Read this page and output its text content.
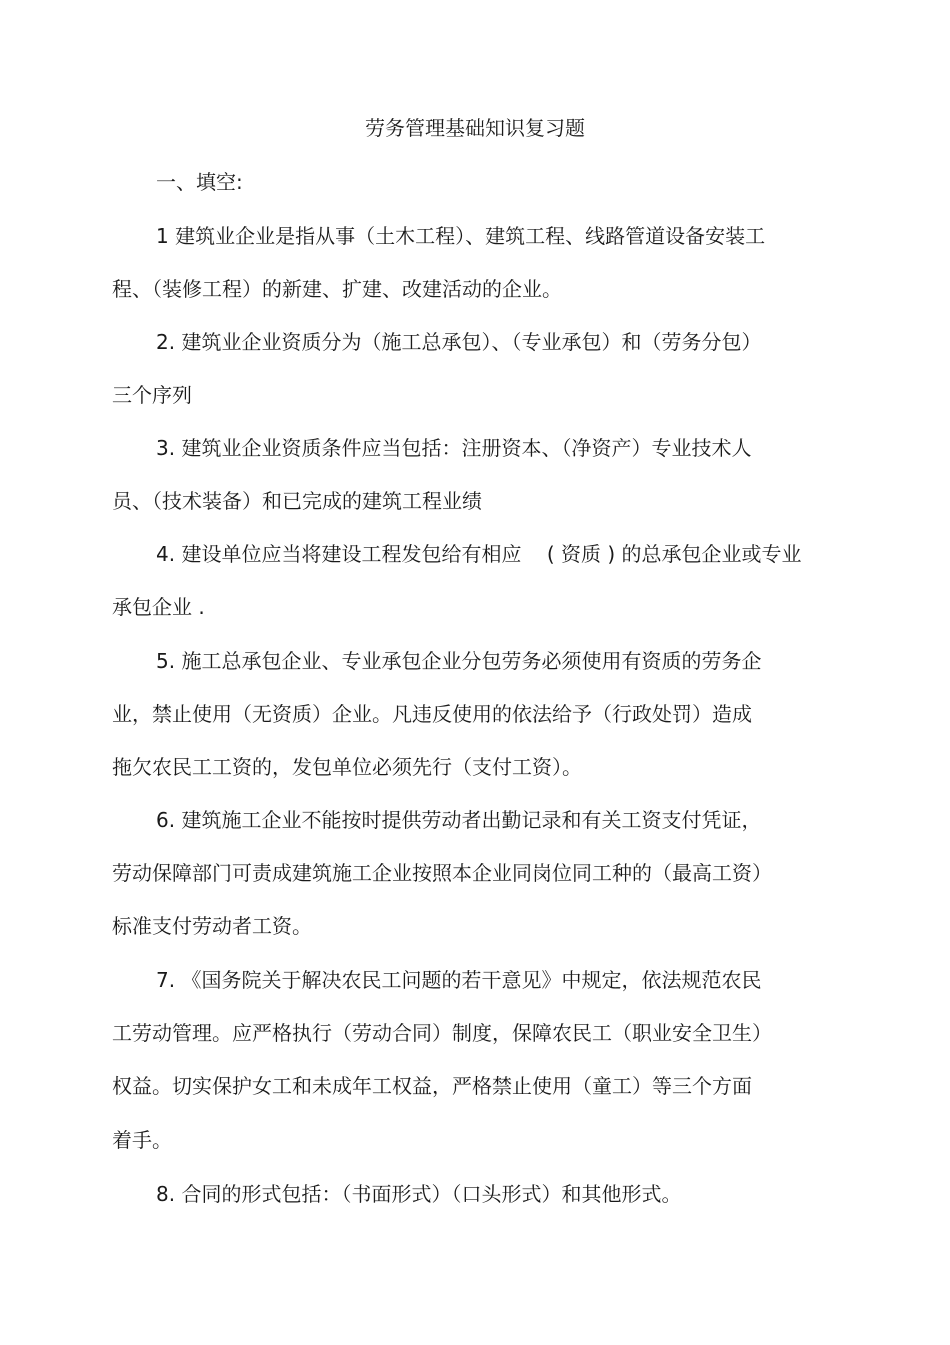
劳务管理基础知识复习题
一、填空:
1 建筑业企业是指从事（土木工程）、建筑工程、线路管道设备安装工
程、（装修工程）的新建、扩建、改建活动的企业。
2. 建筑业企业资质分为（施工总承包）、（专业承包）和（劳务分包）
三个序列
3. 建筑业企业资质条件应当包括：注册资本、（净资产）专业技术人
员、（技术装备）和已完成的建筑工程业绩
4. 建设单位应当将建设工程发包给有相应    ( 资质 ) 的总承包企业或专业
承包企业 .
5. 施工总承包企业、专业承包企业分包劳务必须使用有资质的劳务企
业，禁止使用（无资质）企业。凡违反使用的依法给予（行政处罚）造成
拖欠农民工工资的，发包单位必须先行（支付工资）。
6. 建筑施工企业不能按时提供劳动者出勤记录和有关工资支付凭证，
劳动保障部门可责成建筑施工企业按照本企业同岗位同工种的（最高工资）
标准支付劳动者工资。
7. 《国务院关于解决农民工问题的若干意见》中规定，依法规范农民
工劳动管理。应严格执行（劳动合同）制度，保障农民工（职业安全卫生）
权益。切实保护女工和未成年工权益，严格禁止使用（童工）等三个方面
着手。
8. 合同的形式包括：（书面形式）（口头形式）和其他形式。
